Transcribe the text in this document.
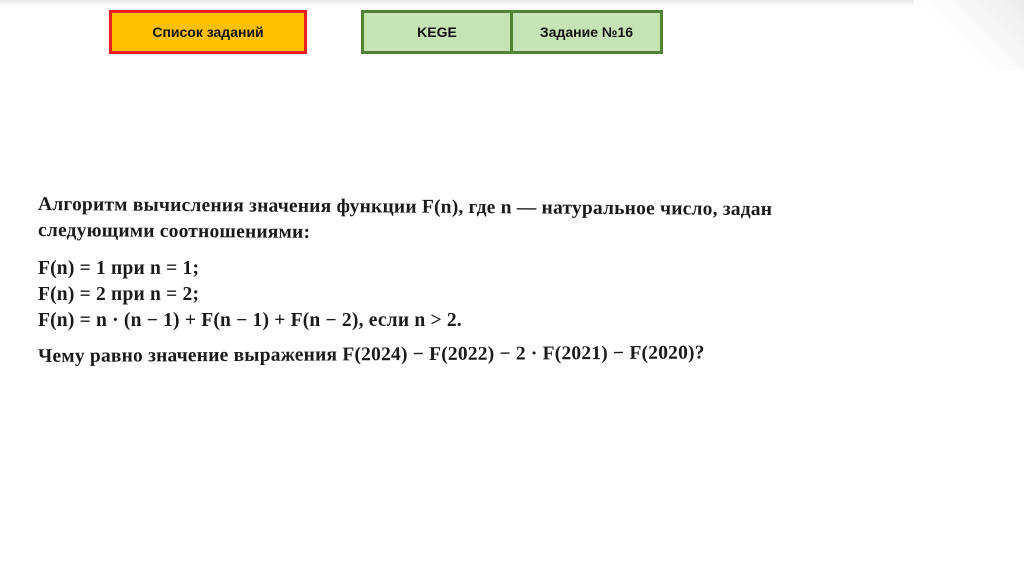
Список заданий	KEGE	Задание №16
Алгоритм вычисления значения функции F(n), где n — натуральное число, задан
следующими соотношениями:
F(n) = 1 при n = 1;
F(n) = 2 при n = 2;
F(n) = n · (n − 1) + F(n − 1) + F(n − 2), если n > 2.
Чему равно значение выражения F(2024) − F(2022) − 2 · F(2021) − F(2020)?
